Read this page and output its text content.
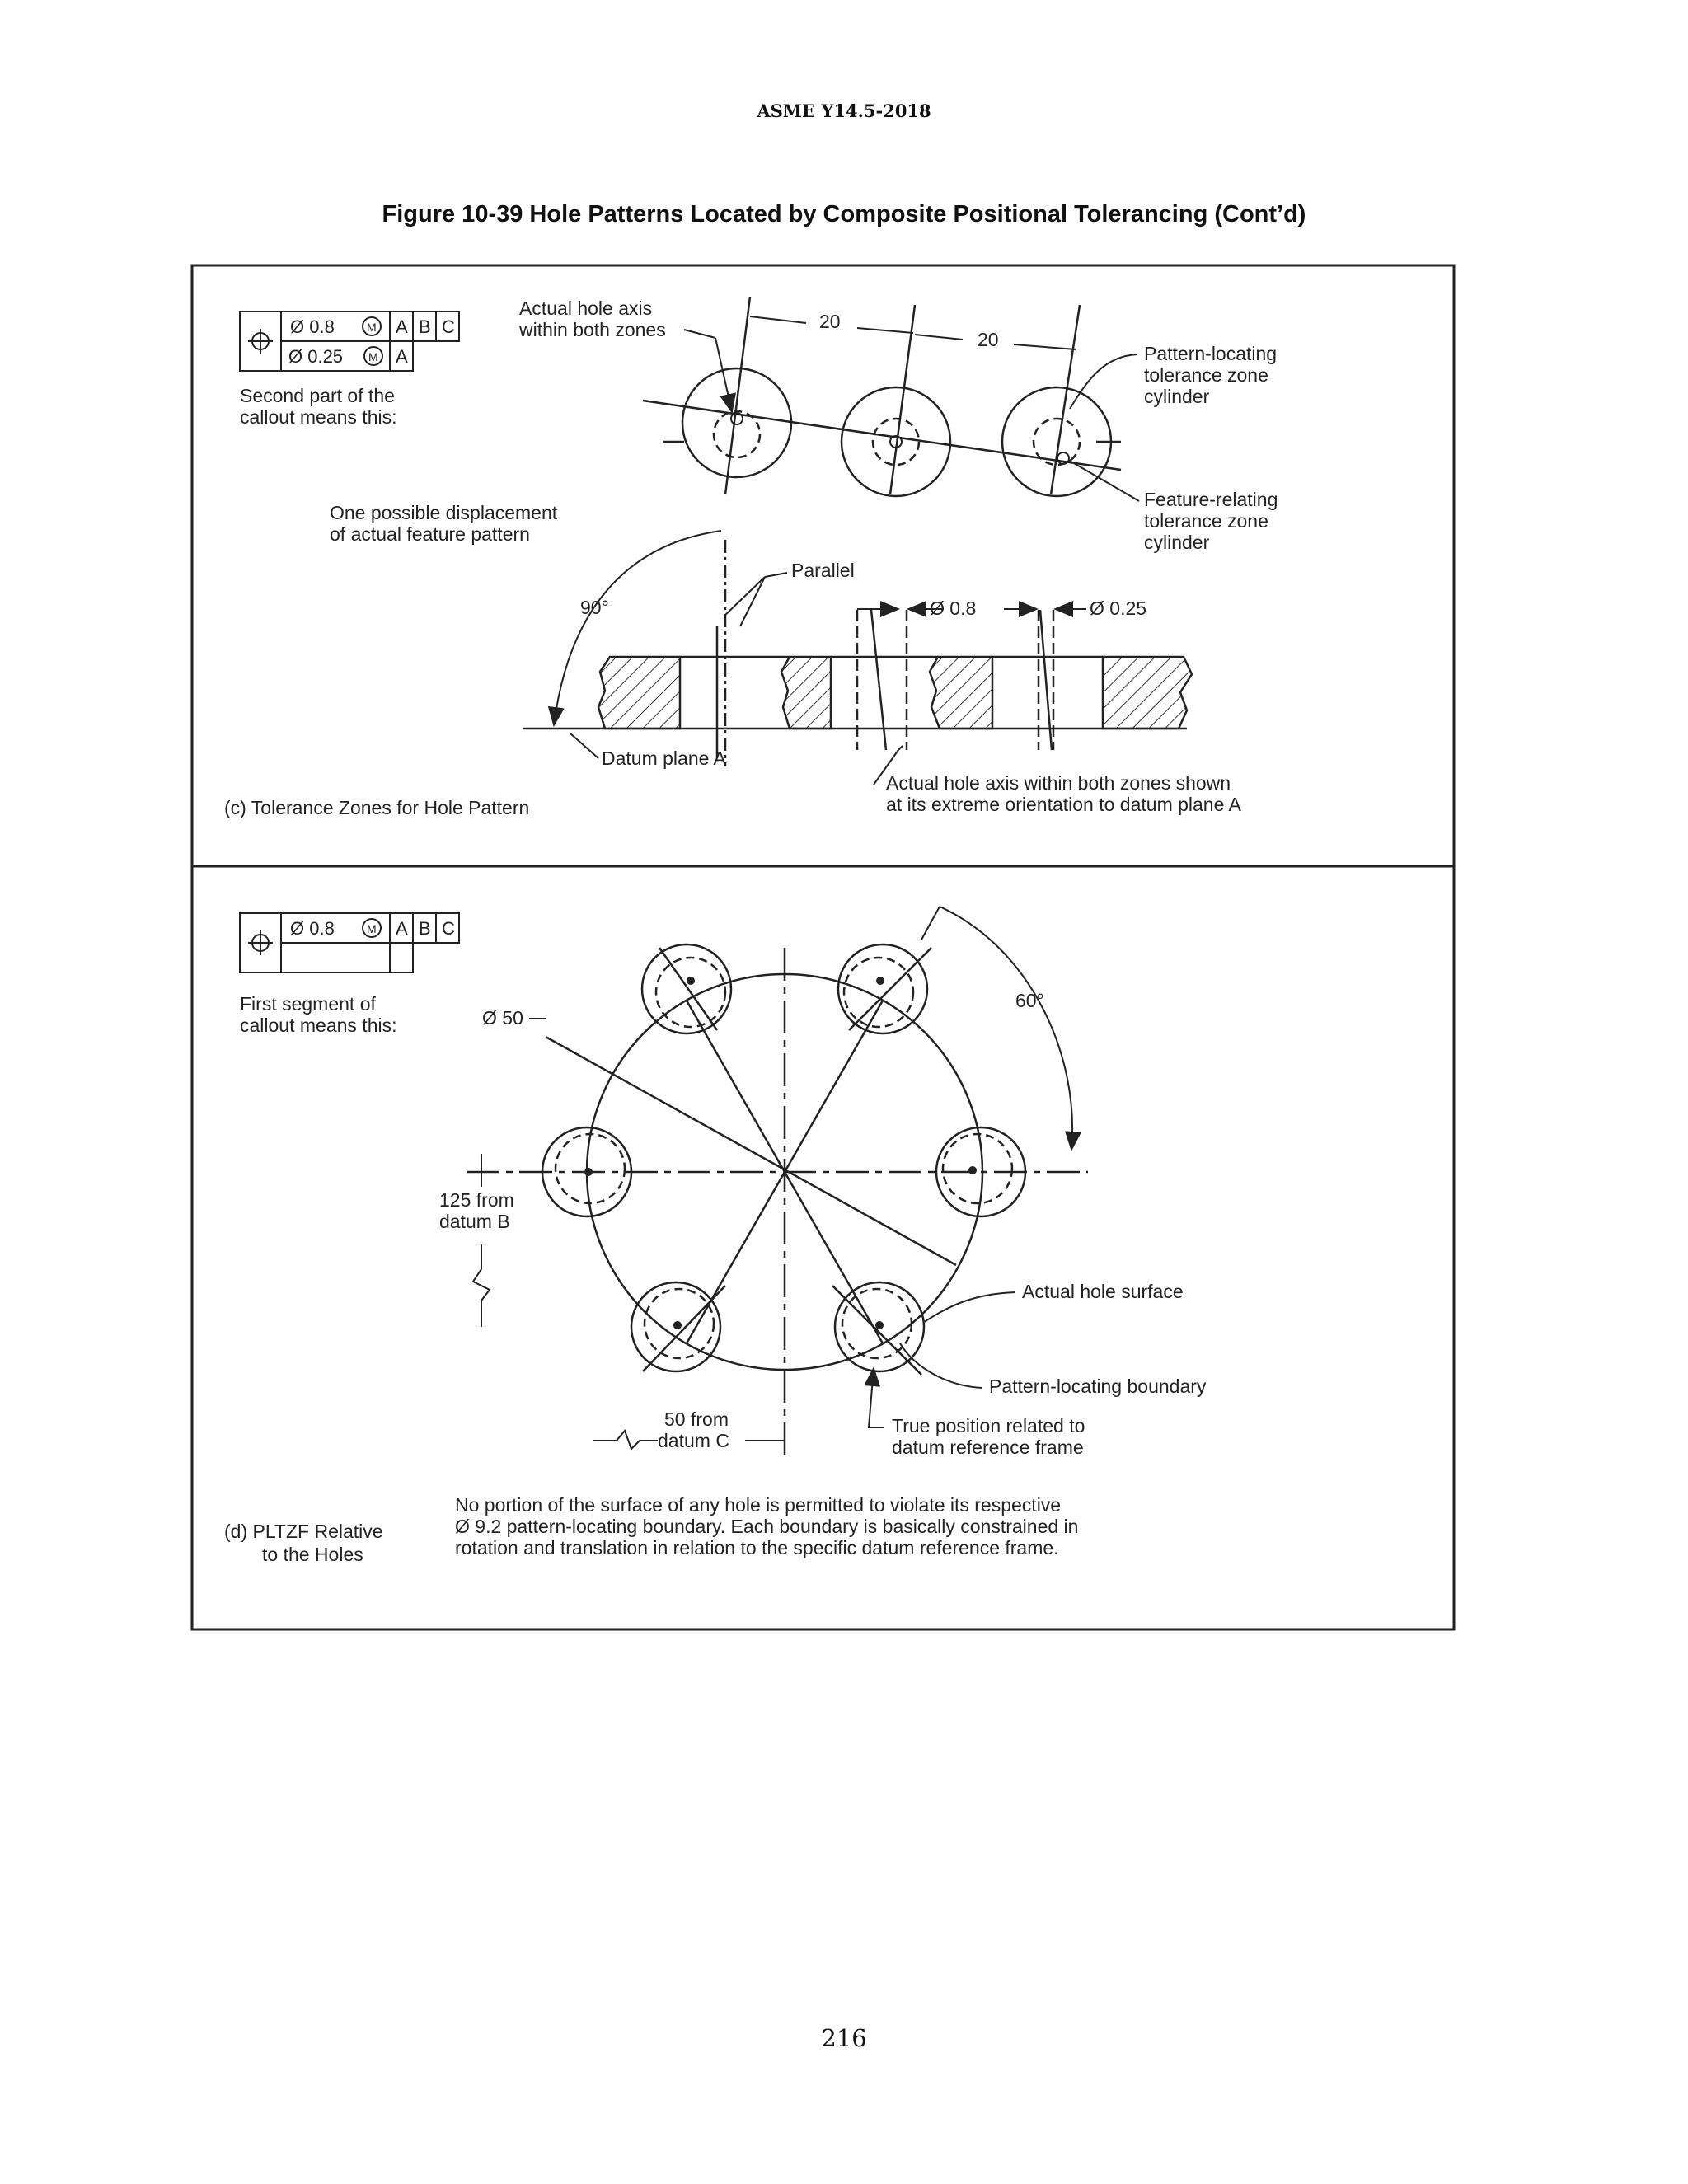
ASME Y14.5-2018
Figure 10-39 Hole Patterns Located by Composite Positional Tolerancing (Cont’d)
Ø 0.8	M A B C
Ø 0.25 M A
Second part of the
callout means this:
Actual hole axis
within both zones	20
20
Pattern-locating
tolerance zone
cylinder
Feature-relating
tolerance zone
cylinder
One possible displacement
of actual feature pattern
90°
Parallel
Ø 0.8	Ø 0.25
Datum plane A
Actual hole axis within both zones shown
at its extreme orientation to datum plane A
(c) Tolerance Zones for Hole Pattern
Ø 0.8	M A B C
First segment of
callout means this:	Ø 50
60°
125 from
datum B
Actual hole surface
Pattern-locating boundary
50 from
datum C
True position related to
datum reference frame
No portion of the surface of any hole is permitted to violate its respective
Ø 9.2 pattern-locating boundary. Each boundary is basically constrained in
rotation and translation in relation to the specific datum reference frame.
(d) PLTZF Relative
to the Holes
216
